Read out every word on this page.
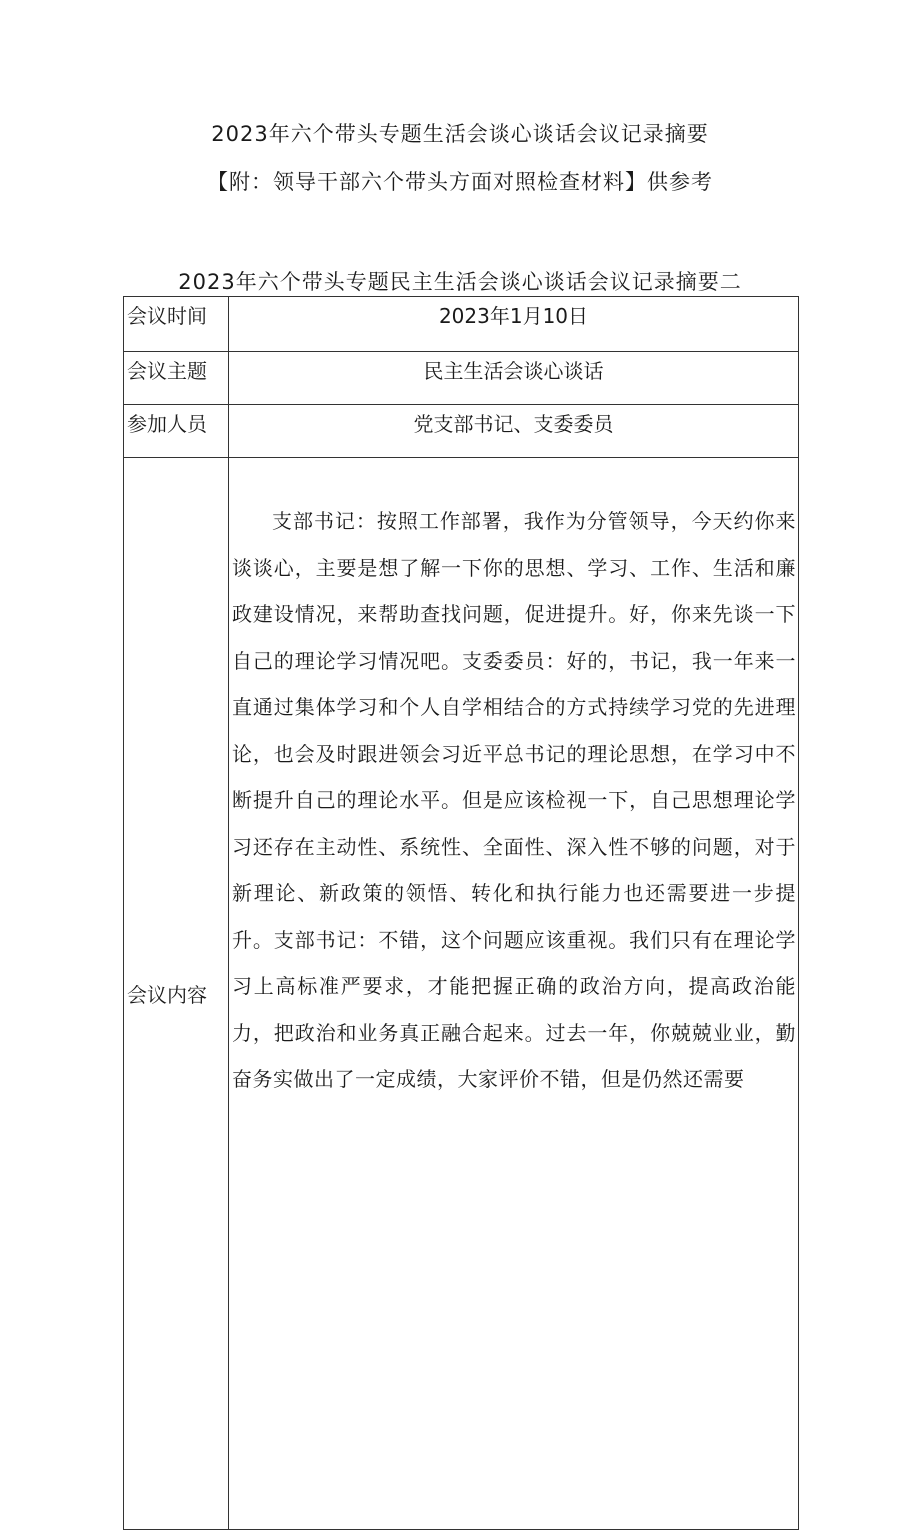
2023年六个带头专题生活会谈心谈话会议记录摘要
【附：领导干部六个带头方面对照检查材料】供参考
2023年六个带头专题民主生活会谈心谈话会议记录摘要二
会议时间	2023年1月10日
会议主题	民主生活会谈心谈话
参加人员	党支部书记、支委委员
会议内容	支部书记：按照工作部署，我作为分管领导，今天约你来谈谈心，主要是想了解一下你的思想、学习、工作、生活和廉政建设情况，来帮助查找问题，促进提升。好，你来先谈一下自己的理论学习情况吧。支委委员：好的，书记，我一年来一直通过集体学习和个人自学相结合的方式持续学习党的先进理论，也会及时跟进领会习近平总书记的理论思想，在学习中不断提升自己的理论水平。但是应该检视一下，自己思想理论学习还存在主动性、系统性、全面性、深入性不够的问题，对于新理论、新政策的领悟、转化和执行能力也还需要进一步提升。支部书记：不错，这个问题应该重视。我们只有在理论学习上高标准严要求，才能把握正确的政治方向，提高政治能力，把政治和业务真正融合起来。过去一年，你兢兢业业，勤奋务实做出了一定成绩，大家评价不错，但是仍然还需要
